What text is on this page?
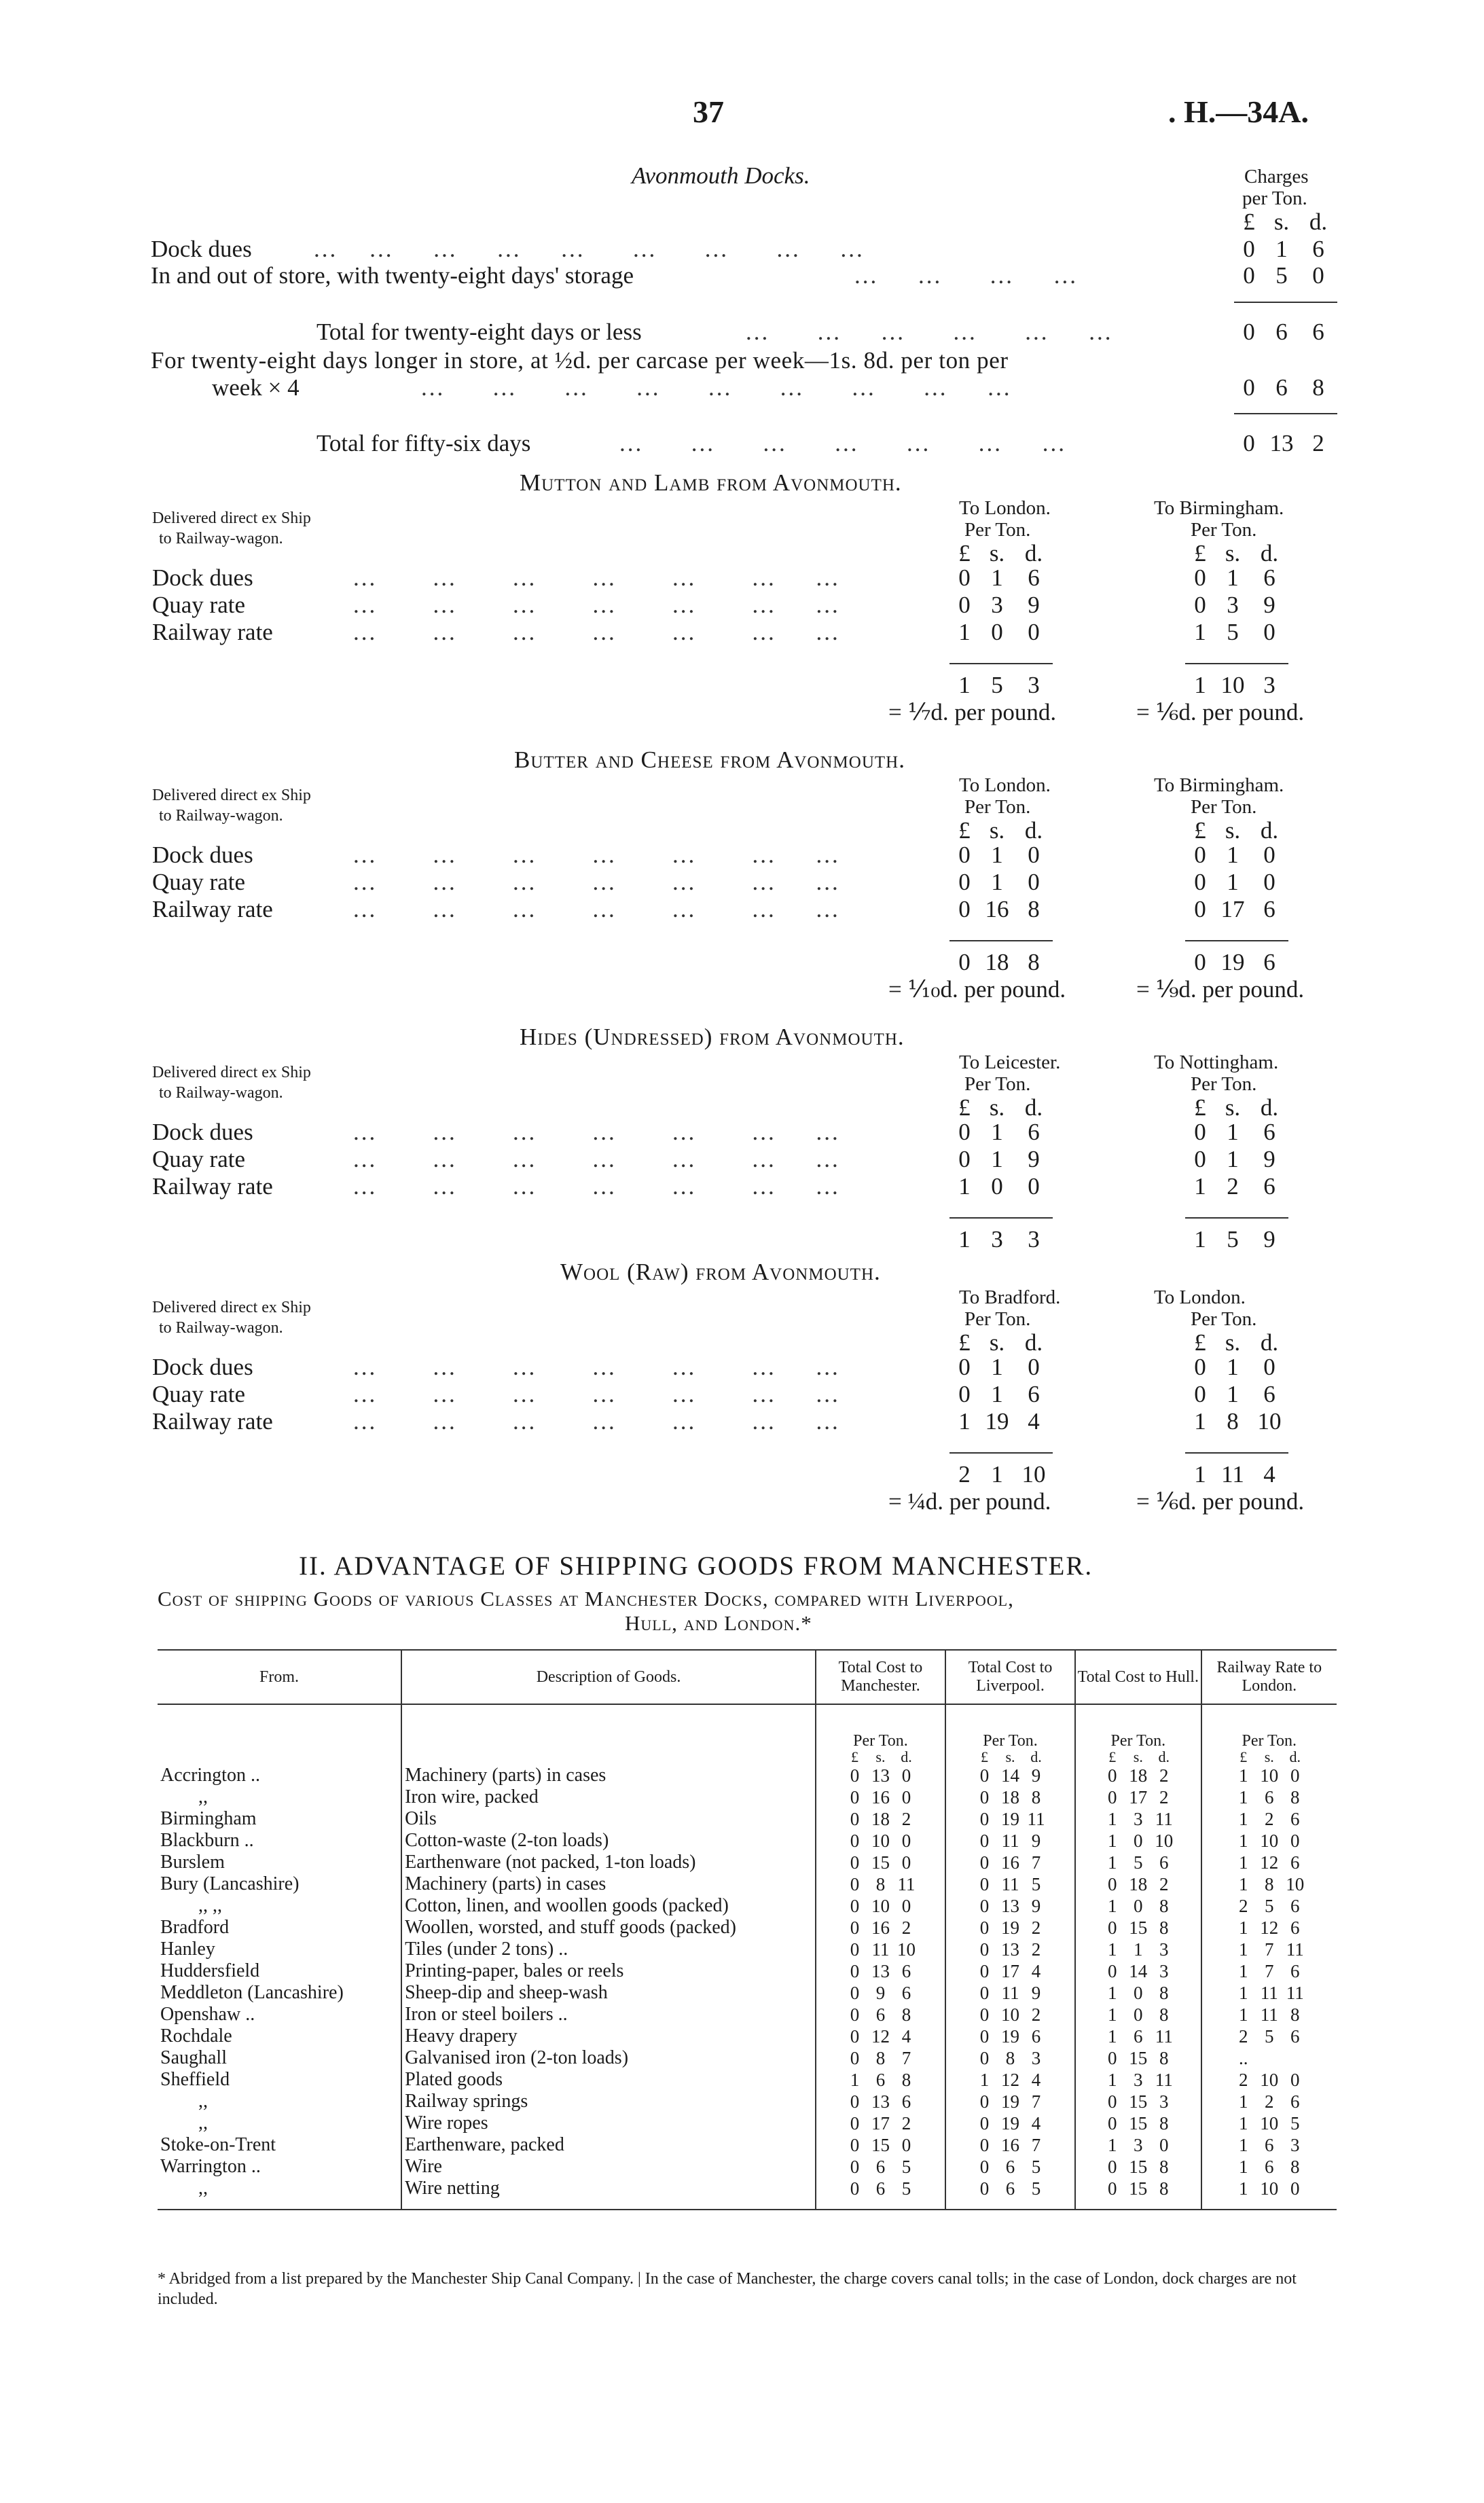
37	. H.—34A.
Avonmouth Docks.	Charges
per Ton.
£ s. d.
Dock dues	...    ...     ...     ...     ...      ...      ...      ...     ...	0 1 6
In and out of store, with twenty-eight days' storage	...     ...      ...     ...	0 5 0
Total for twenty-eight days or less	...      ...     ...      ...      ...     ...	0 6 6
For twenty-eight days longer in store, at ½d. per carcase per week—1s. 8d. per ton per
week × 4	...      ...      ...      ...      ...      ...      ...      ...     ...	0 6 8
Total for fifty-six days	...      ...      ...      ...      ...      ...     ...	0 13 2
Mutton and Lamb from Avonmouth.
Delivered direct ex Ship
to Railway-wagon.
To London.	To Birmingham.
Per Ton.	Per Ton.
£ s. d.	£ s. d.
Dock dues	...       ...       ...       ...       ...       ...     ...	0 1 6	0 1 6
Quay rate	...       ...       ...       ...       ...       ...     ...	0 3 9	0 3 9
Railway rate	...       ...       ...       ...       ...       ...     ...	1 0 0	1 5 0
1 5 3	1 10 3
= ⅐d. per pound.	= ⅙d. per pound.
Butter and Cheese from Avonmouth.
Delivered direct ex Ship
to Railway-wagon.
To London.	To Birmingham.
Per Ton.	Per Ton.
£ s. d.	£ s. d.
Dock dues	...       ...       ...       ...       ...       ...     ...	0 1 0	0 1 0
Quay rate	...       ...       ...       ...       ...       ...     ...	0 1 0	0 1 0
Railway rate	...       ...       ...       ...       ...       ...     ...	0 16 8	0 17 6
0 18 8	0 19 6
= ⅒d. per pound.	= ⅑d. per pound.
Hides (Undressed) from Avonmouth.
Delivered direct ex Ship
to Railway-wagon.
To Leicester.	To Nottingham.
Per Ton.	Per Ton.
£ s. d.	£ s. d.
Dock dues	...       ...       ...       ...       ...       ...     ...	0 1 6	0 1 6
Quay rate	...       ...       ...       ...       ...       ...     ...	0 1 9	0 1 9
Railway rate	...       ...       ...       ...       ...       ...     ...	1 0 0	1 2 6
1 3 3	1 5 9
Wool (Raw) from Avonmouth.
Delivered direct ex Ship
to Railway-wagon.
To Bradford.	To London.
Per Ton.	Per Ton.
£ s. d.	£ s. d.
Dock dues	...       ...       ...       ...       ...       ...     ...	0 1 0	0 1 0
Quay rate	...       ...       ...       ...       ...       ...     ...	0 1 6	0 1 6
Railway rate	...       ...       ...       ...       ...       ...     ...	1 19 4	1 8 10
2 1 10	1 11 4
= ¼d. per pound.	= ⅙d. per pound.
II. ADVANTAGE OF SHIPPING GOODS FROM MANCHESTER.
Cost of shipping Goods of various Classes at Manchester Docks, compared with Liverpool,
Hull, and London.*
From.	Description of Goods.	Total Cost to Manchester.	Total Cost to Liverpool.	Total Cost to Hull.	Railway Rate to London.
		Per Ton.	Per Ton.	Per Ton.	Per Ton.
		£ s. d.	£ s. d.	£ s. d.	£ s. d.
Accrington ..	Machinery (parts) in cases	0 13 0	0 14 9	0 18 2	1 10 0
,,	Iron wire, packed	0 16 0	0 18 8	0 17 2	1 6 8
Birmingham	Oils	0 18 2	0 19 11	1 3 11	1 2 6
Blackburn ..	Cotton-waste (2-ton loads)	0 10 0	0 11 9	1 0 10	1 10 0
Burslem	Earthenware (not packed, 1-ton loads)	0 15 0	0 16 7	1 5 6	1 12 6
Bury (Lancashire)	Machinery (parts) in cases	0 8 11	0 11 5	0 18 2	1 8 10
,, ,,	Cotton, linen, and woollen goods (packed)	0 10 0	0 13 9	1 0 8	2 5 6
Bradford	Woollen, worsted, and stuff goods (packed)	0 16 2	0 19 2	0 15 8	1 12 6
Hanley	Tiles (under 2 tons) ..	0 11 10	0 13 2	1 1 3	1 7 11
Huddersfield	Printing-paper, bales or reels	0 13 6	0 17 4	0 14 3	1 7 6
Meddleton (Lancashire)	Sheep-dip and sheep-wash	0 9 6	0 11 9	1 0 8	1 11 11
Openshaw ..	Iron or steel boilers ..	0 6 8	0 10 2	1 0 8	1 11 8
Rochdale	Heavy drapery	0 12 4	0 19 6	1 6 11	2 5 6
Saughall	Galvanised iron (2-ton loads)	0 8 7	0 8 3	0 15 8	..
Sheffield	Plated goods	1 6 8	1 12 4	1 3 11	2 10 0
,,	Railway springs	0 13 6	0 19 7	0 15 3	1 2 6
,,	Wire ropes	0 17 2	0 19 4	0 15 8	1 10 5
Stoke-on-Trent	Earthenware, packed	0 15 0	0 16 7	1 3 0	1 6 3
Warrington ..	Wire	0 6 5	0 6 5	0 15 8	1 6 8
,,	Wire netting	0 6 5	0 6 5	0 15 8	1 10 0
* Abridged from a list prepared by the Manchester Ship Canal Company. | In the case of Manchester, the charge covers canal tolls; in the case of London, dock charges are not included.
